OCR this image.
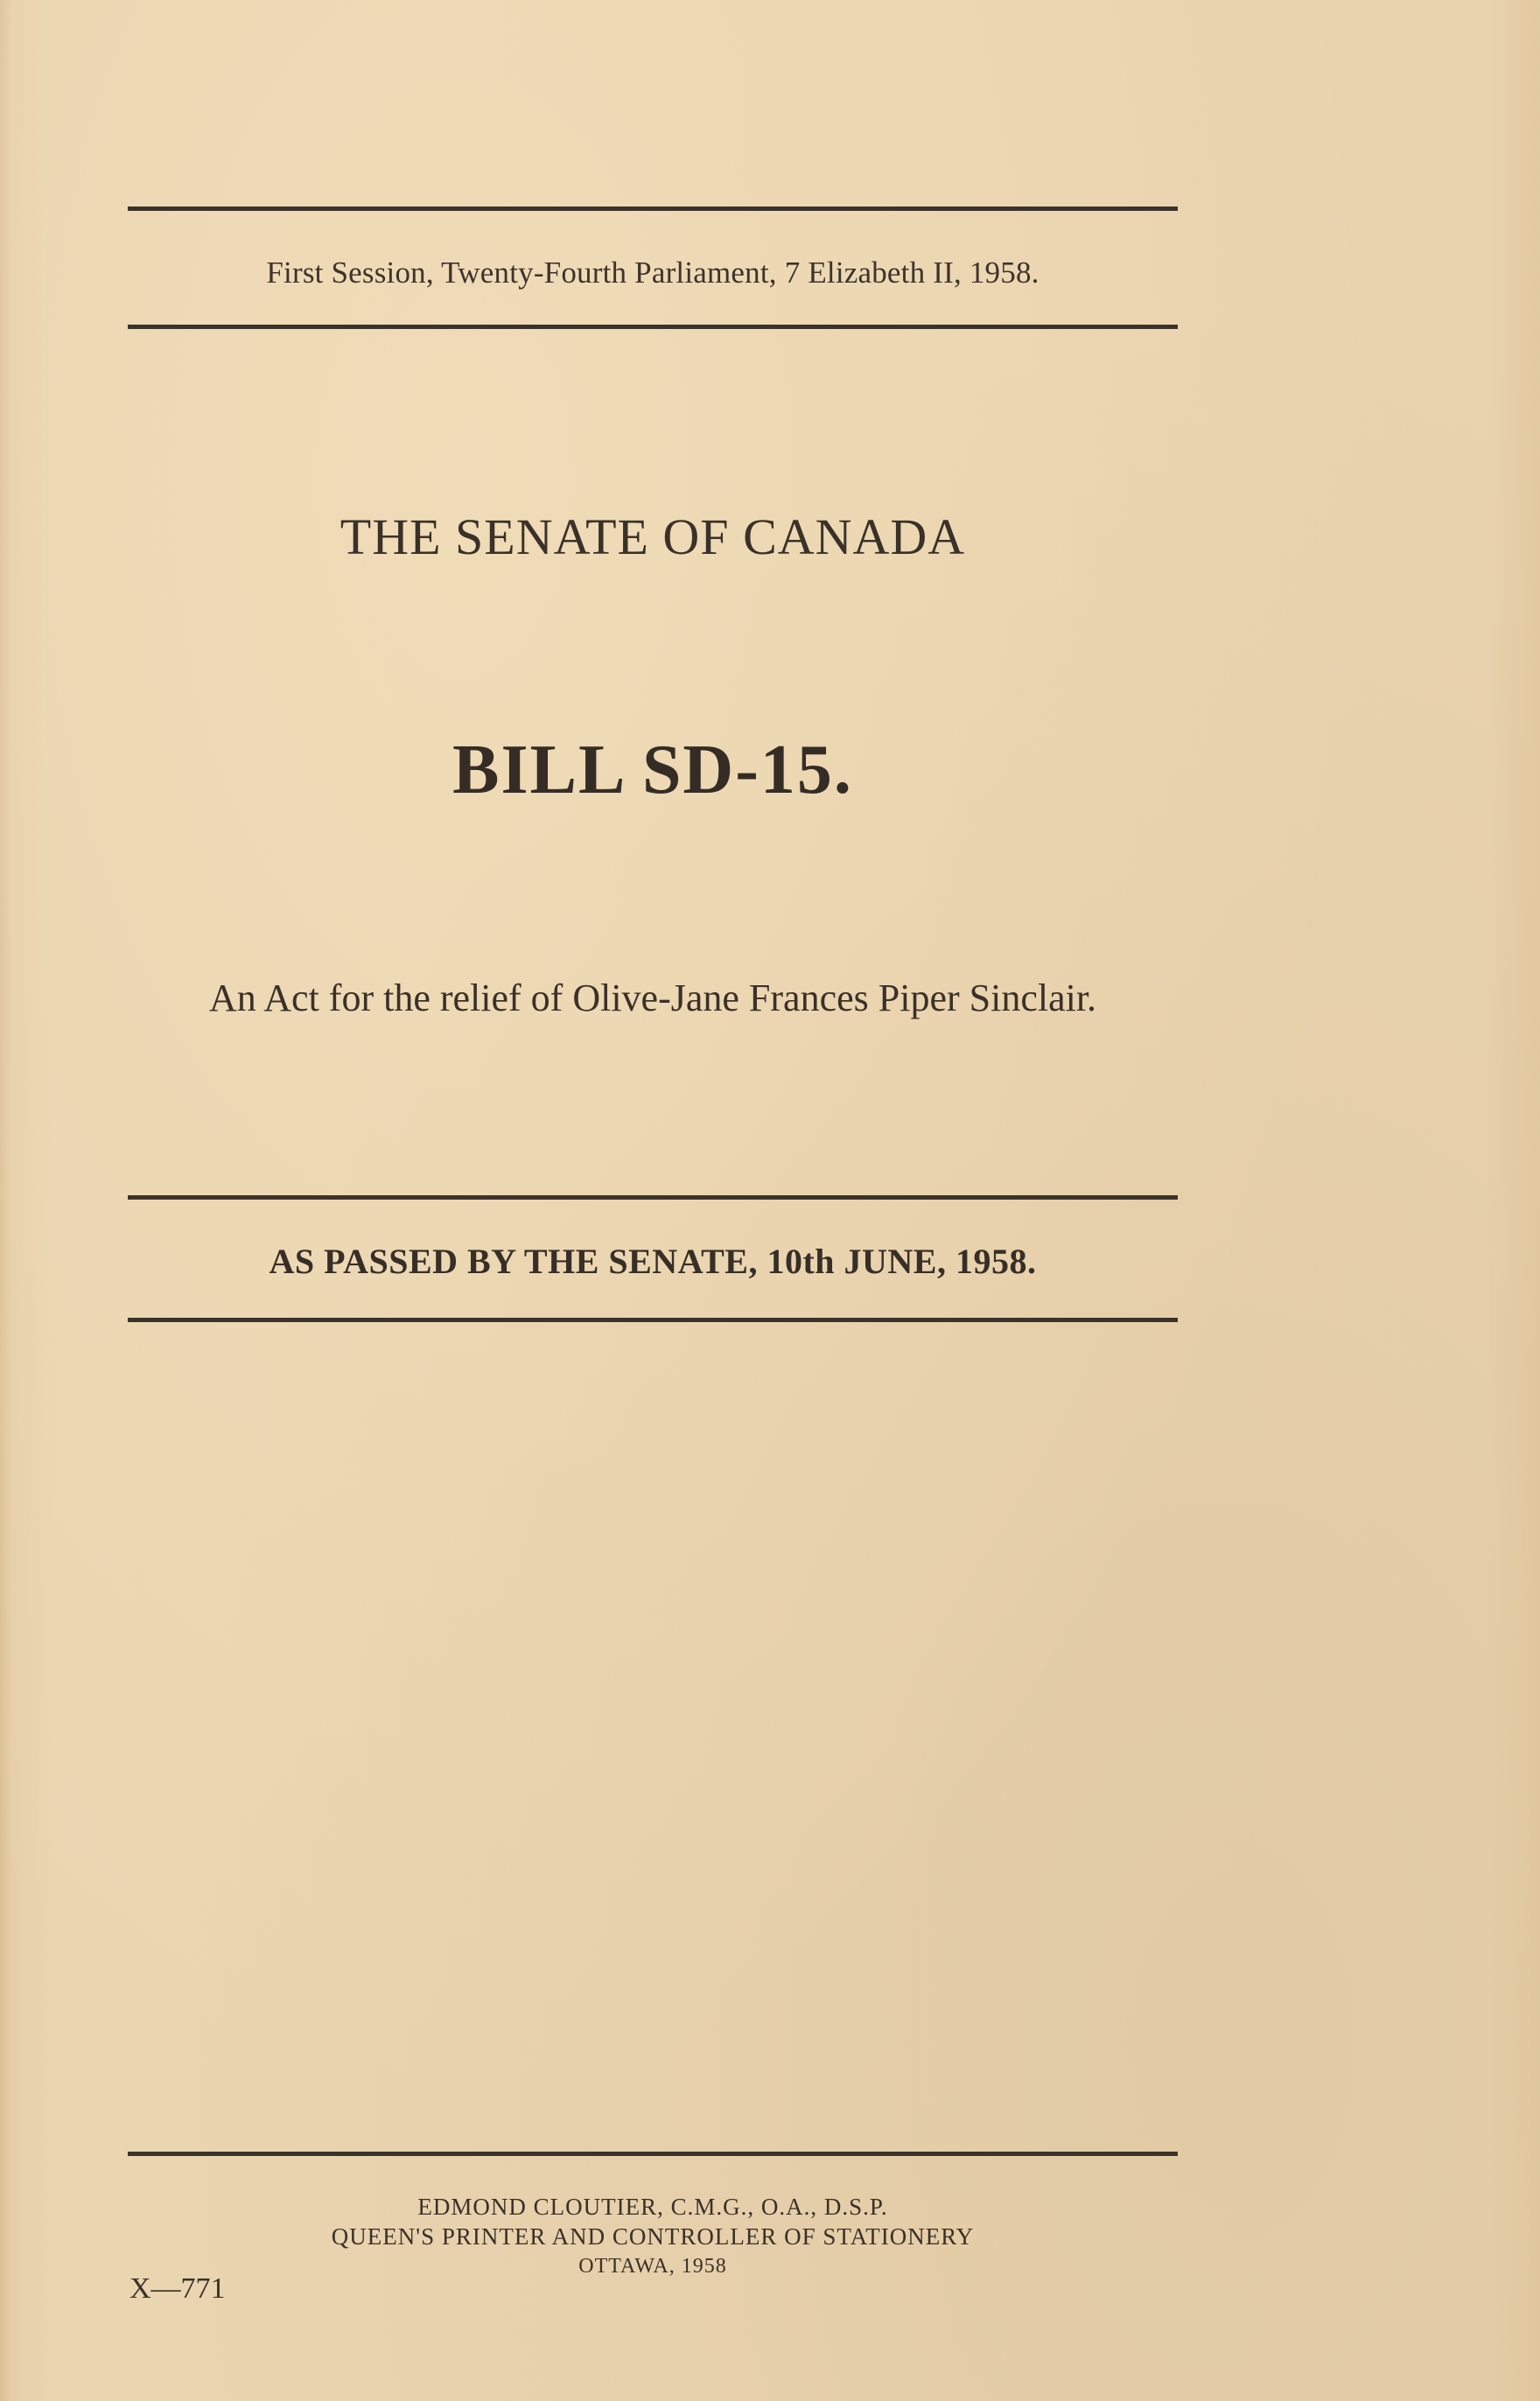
First Session, Twenty-Fourth Parliament, 7 Elizabeth II, 1958.
THE SENATE OF CANADA
BILL SD-15.
An Act for the relief of Olive-Jane Frances Piper Sinclair.
AS PASSED BY THE SENATE, 10th JUNE, 1958.
EDMOND CLOUTIER, C.M.G., O.A., D.S.P.
QUEEN'S PRINTER AND CONTROLLER OF STATIONERY
OTTAWA, 1958
X—771
